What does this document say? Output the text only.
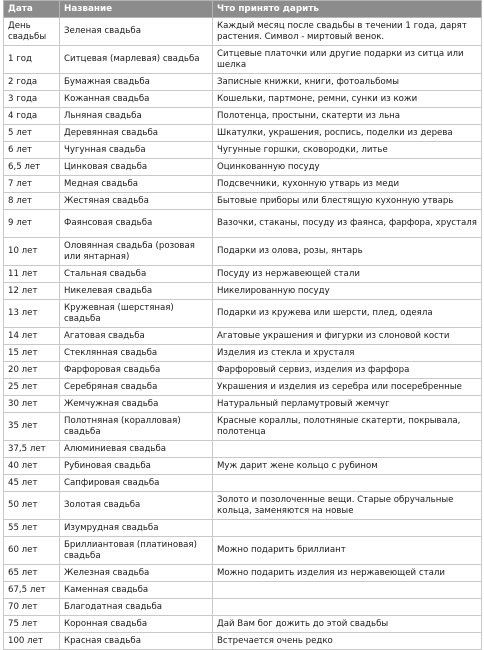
Дата	Название	Что принято дарить
День свадьбы	Зеленая свадьба	Каждый месяц после свадьбы в течении 1 года, дарят растения. Символ - миртовый венок.
1 год	Ситцевая (марлевая) свадьба	Ситцевые платочки или другие подарки из ситца или шелка
2 года	Бумажная свадьба	Записные книжки, книги, фотоальбомы
3 года	Кожанная свадьба	Кошельки, партмоне, ремни, сунки из кожи
4 года	Льняная свадьба	Полотенца, простыни, скатерти из льна
5 лет	Деревянная свадьба	Шкатулки, украшения, роспись, поделки из дерева
6 лет	Чугунная свадьба	Чугунные горшки, сковородки, литье
6,5 лет	Цинковая свадьба	Оцинкованную посуду
7 лет	Медная свадьба	Подсвечники, кухонную утварь из меди
8 лет	Жестяная свадьба	Бытовые приборы или блестящую кухонную утварь
9 лет	Фаянсовая свадьба	Вазочки, стаканы, посуду из фаянса, фарфора, хрусталя
10 лет	Оловянная свадьба (розовая или янтарная)	Подарки из олова, розы, янтарь
11 лет	Стальная свадьба	Посуду из нержавеющей стали
12 лет	Никелевая свадьба	Никелированную посуду
13 лет	Кружевная (шерстяная) свадьба	Подарки из кружева или шерсти, плед, одеяла
14 лет	Агатовая свадьба	Агатовые украшения и фигурки из слоновой кости
15 лет	Стеклянная свадьба	Изделия из стекла и хрусталя
20 лет	Фарфоровая свадьба	Фарфоровый сервиз, изделия из фарфора
25 лет	Серебряная свадьба	Украшения и изделия из серебра или посеребренные
30 лет	Жемчужная свадьба	Натуральный перламутровый жемчуг
35 лет	Полотняная (коралловая) свадьба	Красные кораллы, полотняные скатерти, покрывала, полотенца
37,5 лет	Алюминиевая свадьба	
40 лет	Рубиновая свадьба	Муж дарит жене кольцо с рубином
45 лет	Сапфировая свадьба	
50 лет	Золотая свадьба	Золото и позолоченные вещи. Старые обручальные кольца, заменяются на новые
55 лет	Изумрудная свадьба	
60 лет	Бриллиантовая (платиновая) свадьба	Можно подарить бриллиант
65 лет	Железная свадьба	Можно подарить изделия из нержавеющей стали
67,5 лет	Каменная свадьба	
70 лет	Благодатная свадьба	
75 лет	Коронная свадьба	Дай Вам бог дожить до этой свадьбы
100 лет	Красная свадьба	Встречается очень редко
